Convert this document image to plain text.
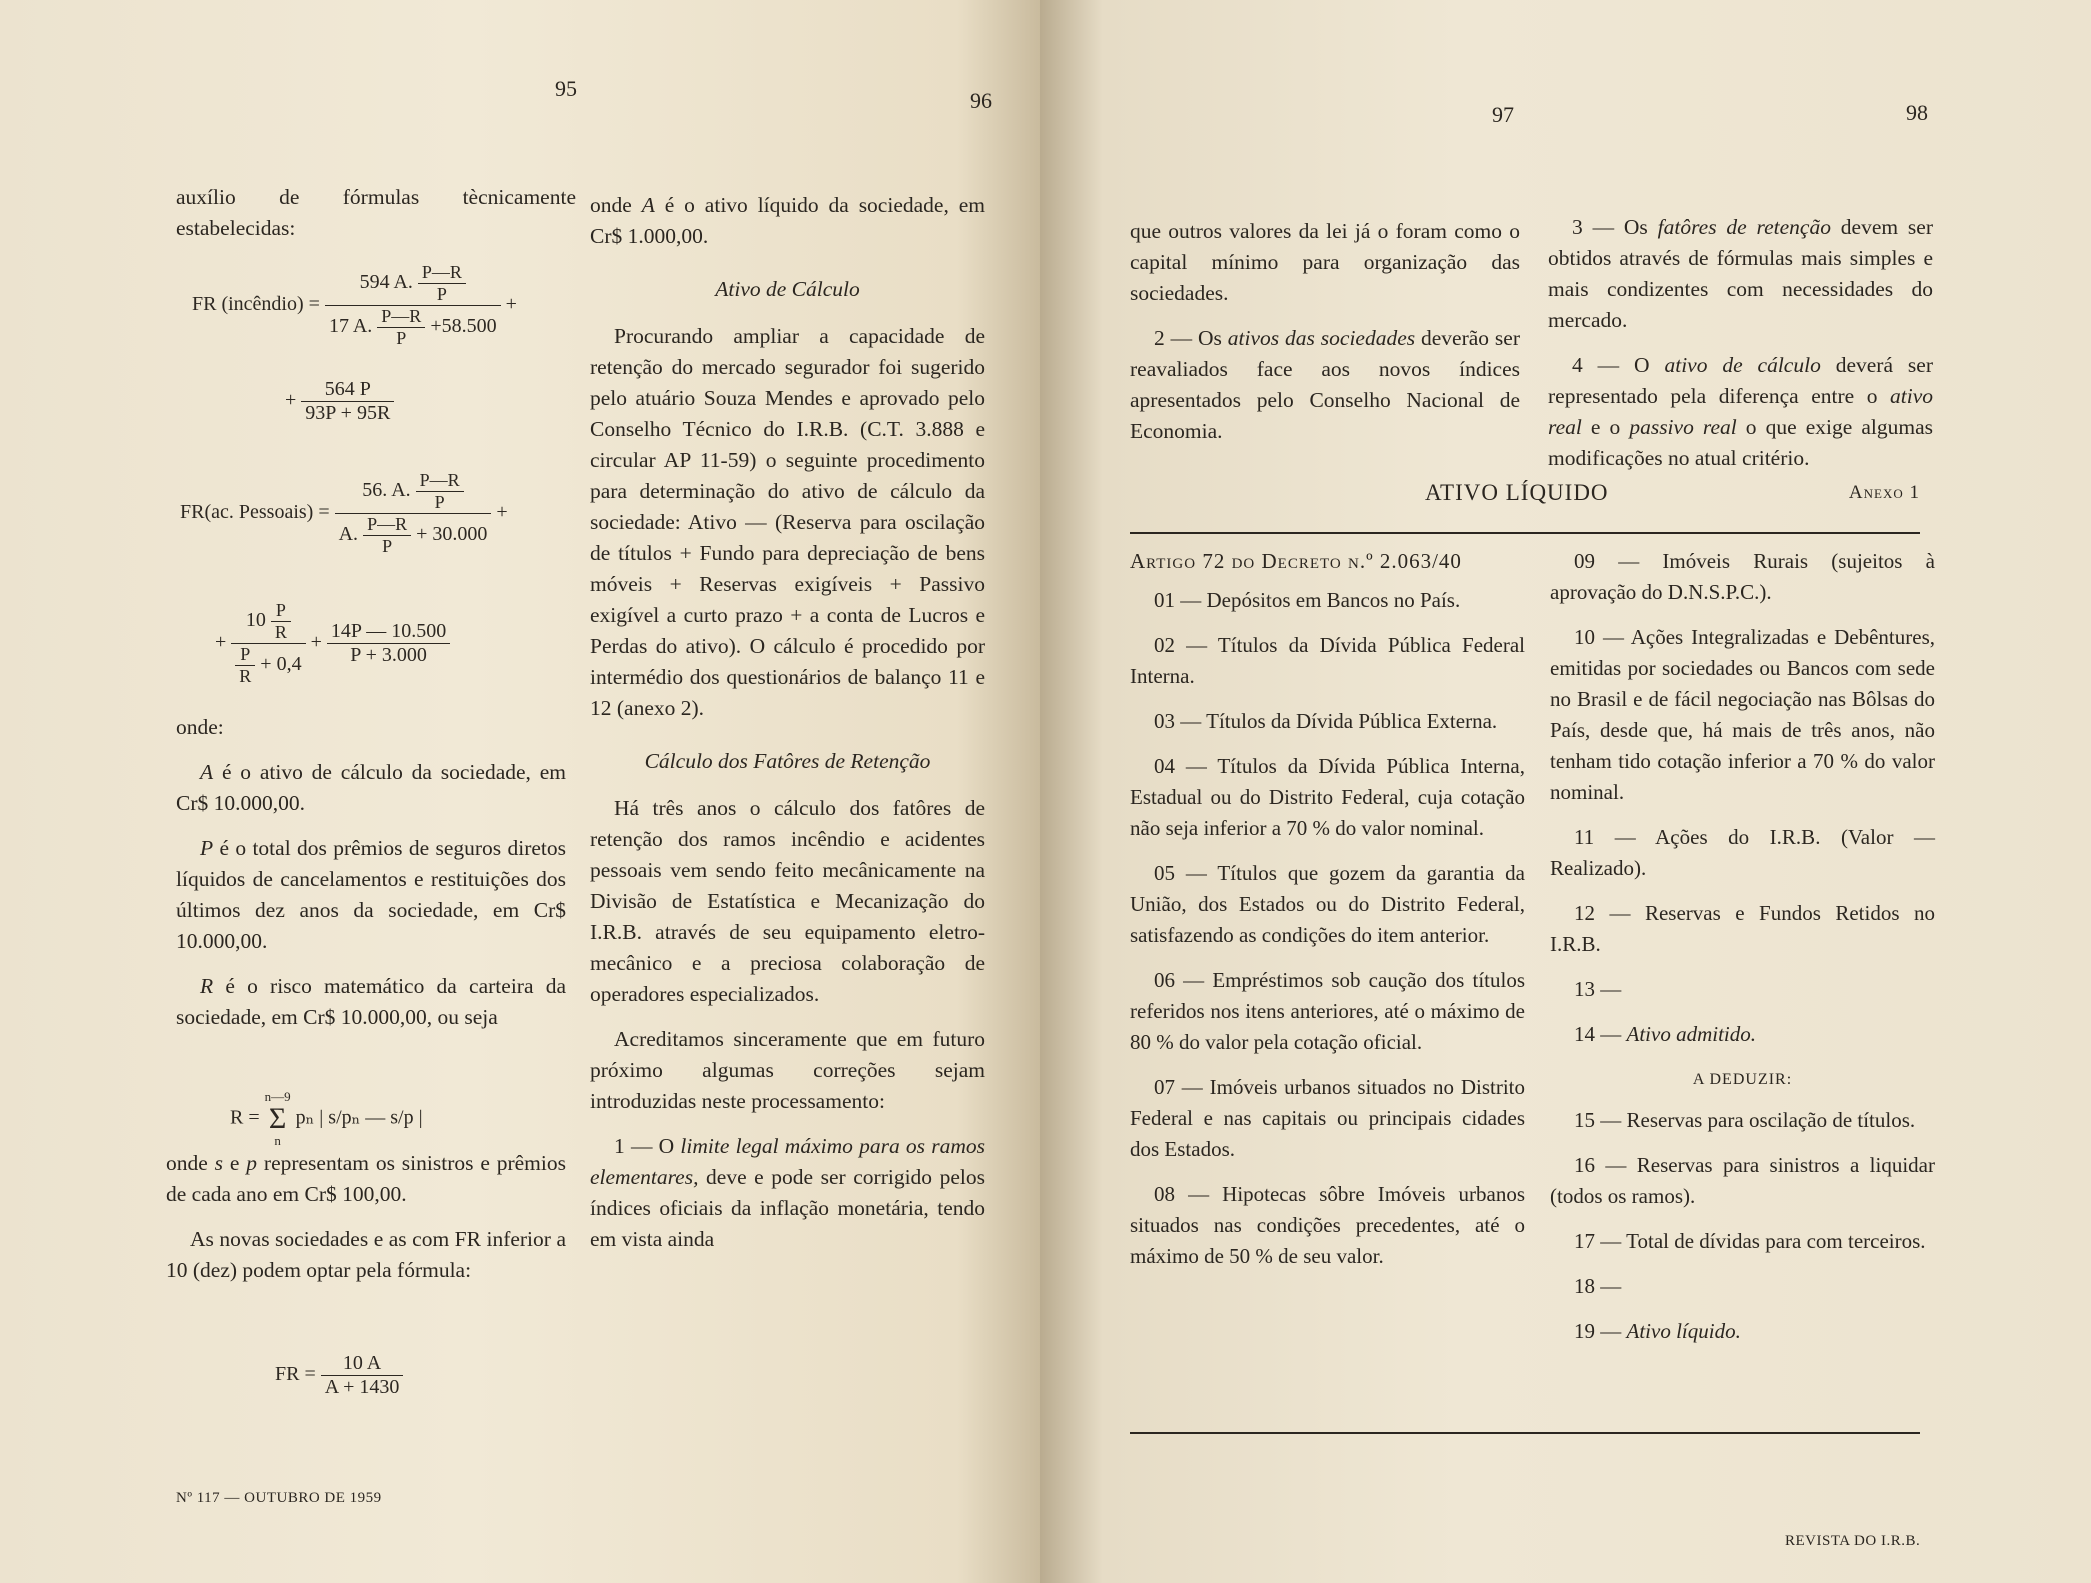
95	96

auxílio de fórmulas tècnicamente estabelecidas:

FR (incêndio) = $\frac{594 A. \frac{P—R}{P}}{17 A. \frac{P—R}{P} +58.500}$ +
+ $\frac{564 P}{93P + 95R}$
FR(ac. Pessoais) = $\frac{56. A. \frac{P—R}{P}}{A. \frac{P—R}{P} + 30.000}$ +
+ $\frac{10 \frac{P}{R}}{\frac{P}{R} + 0,4} + \frac{14P — 10.500}{P + 3.000}$

onde:

A é o ativo de cálculo da sociedade, em Cr$ 10.000,00.

P é o total dos prêmios de seguros diretos líquidos de cancelamentos e restituições dos últimos dez anos da sociedade, em Cr$ 10.000,00.

R é o risco matemático da carteira da sociedade, em Cr$ 10.000,00, ou seja

R =
n—9
Σ
n
pₙ | s/pₙ — s/p |

onde s e p representam os sinistros e prêmios de cada ano em Cr$ 100,00.

As novas sociedades e as com FR inferior a 10 (dez) podem optar pela fórmula:

FR = $\frac{10 A}{A + 1430}$
Nº 117 — OUTUBRO DE 1959

onde A é o ativo líquido da sociedade, em Cr$ 1.000,00.

Ativo de Cálculo

Procurando ampliar a capacidade de retenção do mercado segurador foi sugerido pelo atuário Souza Mendes e aprovado pelo Conselho Técnico do I.R.B. (C.T. 3.888 e circular AP 11-59) o seguinte procedimento para determinação do ativo de cálculo da sociedade: Ativo — (Reserva para oscilação de títulos + Fundo para depreciação de bens móveis + Reservas exigíveis + Passivo exigível a curto prazo + a conta de Lucros e Perdas do ativo). O cálculo é procedido por intermédio dos questionários de balanço 11 e 12 (anexo 2).

Cálculo dos Fatôres de Retenção

Há três anos o cálculo dos fatôres de retenção dos ramos incêndio e acidentes pessoais vem sendo feito mecânicamente na Divisão de Estatística e Mecanização do I.R.B. através de seu equipamento eletro-mecânico e a preciosa colaboração de operadores especializados.

Acreditamos sinceramente que em futuro próximo algumas correções sejam introduzidas neste processamento:

1 — O limite legal máximo para os ramos elementares, deve e pode ser corrigido pelos índices oficiais da inflação monetária, tendo em vista ainda

97	98

que outros valores da lei já o foram como o capital mínimo para organização das sociedades.

2 — Os ativos das sociedades deverão ser reavaliados face aos novos índices apresentados pelo Conselho Nacional de Economia.

3 — Os fatôres de retenção devem ser obtidos através de fórmulas mais simples e mais condizentes com necessidades do mercado.

4 — O ativo de cálculo deverá ser representado pela diferença entre o ativo real e o passivo real o que exige algumas modificações no atual critério.

ATIVO LÍQUIDO	Anexo 1

Artigo 72 do Decreto n.º 2.063/40

01 — Depósitos em Bancos no País.

02 — Títulos da Dívida Pública Federal Interna.

03 — Títulos da Dívida Pública Externa.

04 — Títulos da Dívida Pública Interna, Estadual ou do Distrito Federal, cuja cotação não seja inferior a 70 % do valor nominal.

05 — Títulos que gozem da garantia da União, dos Estados ou do Distrito Federal, satisfazendo as condições do item anterior.

06 — Empréstimos sob caução dos títulos referidos nos itens anteriores, até o máximo de 80 % do valor pela cotação oficial.

07 — Imóveis urbanos situados no Distrito Federal e nas capitais ou principais cidades dos Estados.

08 — Hipotecas sôbre Imóveis urbanos situados nas condições precedentes, até o máximo de 50 % de seu valor.

09 — Imóveis Rurais (sujeitos à aprovação do D.N.S.P.C.).

10 — Ações Integralizadas e Debêntures, emitidas por sociedades ou Bancos com sede no Brasil e de fácil negociação nas Bôlsas do País, desde que, há mais de três anos, não tenham tido cotação inferior a 70 % do valor nominal.

11 — Ações do I.R.B. (Valor — Realizado).

12 — Reservas e Fundos Retidos no I.R.B.

13 —

14 — Ativo admitido.

A DEDUZIR:

15 — Reservas para oscilação de títulos.

16 — Reservas para sinistros a liquidar (todos os ramos).

17 — Total de dívidas para com terceiros.

18 —

19 — Ativo líquido.

REVISTA DO I.R.B.
